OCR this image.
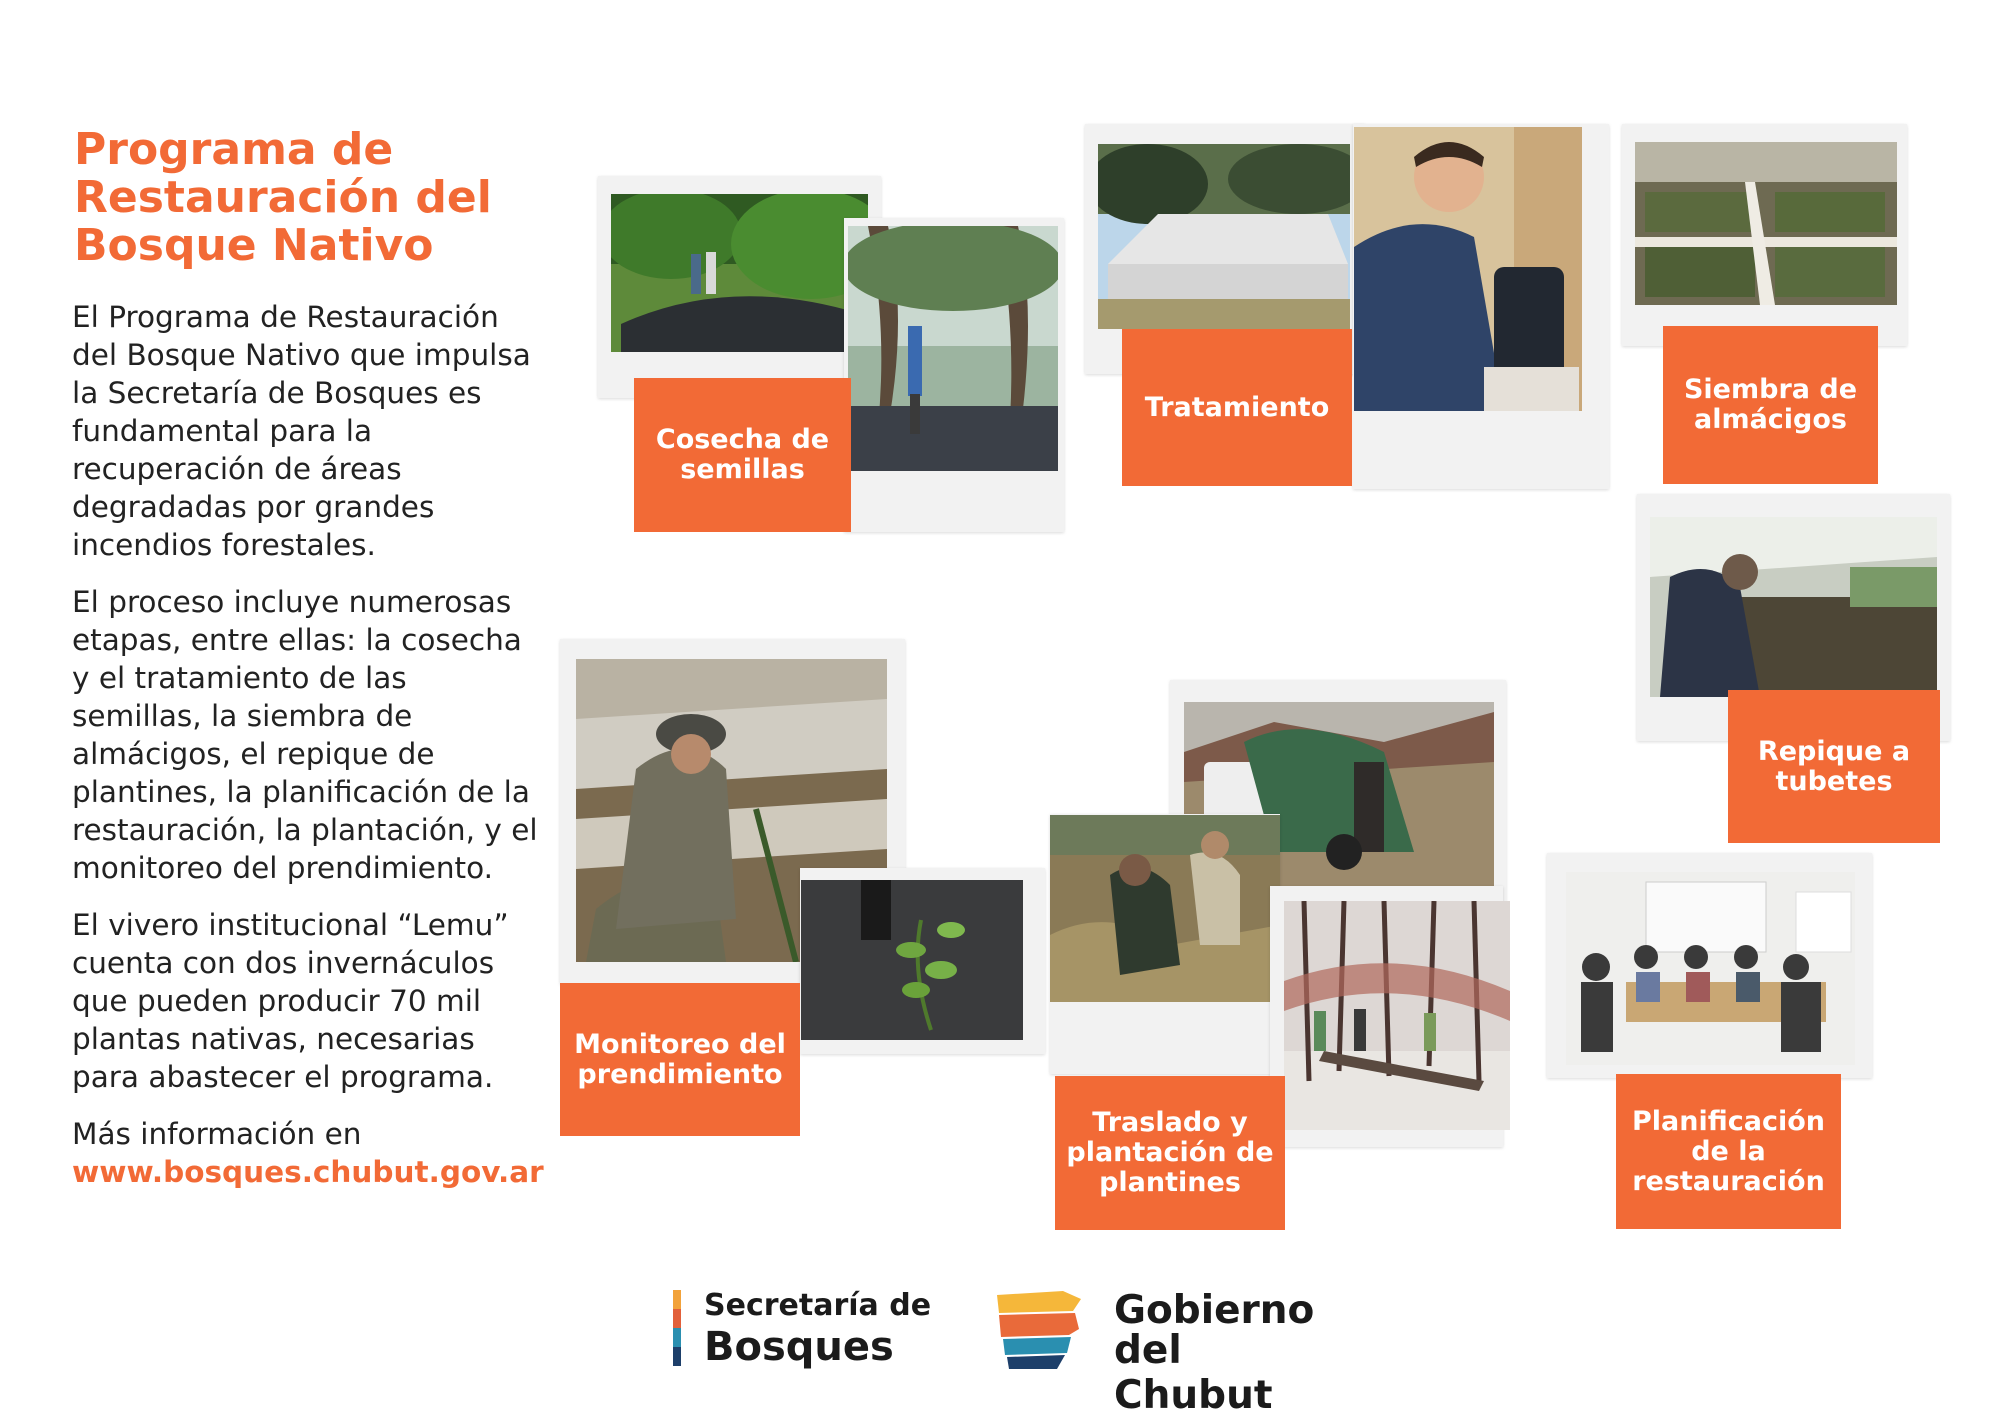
Programa de Restauración del Bosque Nativo

El Programa de Restauración del Bosque Nativo que impulsa la Secretaría de Bosques es fundamental para la recuperación de áreas degradadas por grandes incendios forestales.

El proceso incluye numerosas etapas, entre ellas: la cosecha y el tratamiento de las semillas, la siembra de almácigos, el repique de plantines, la planificación de la restauración, la plantación, y el monitoreo del prendimiento.

El vivero institucional “Lemu” cuenta con dos invernáculos que pueden producir 70 mil plantas nativas, necesarias para abastecer el programa.

Más información en
www.bosques.chubut.gov.ar

Cosecha de semillas
Tratamiento
Siembra de almácigos
Repique a tubetes
Monitoreo del prendimiento
Traslado y plantación de plantines
Planificación de la restauración
Secretaría de
Bosques
Gobierno
del Chubut
